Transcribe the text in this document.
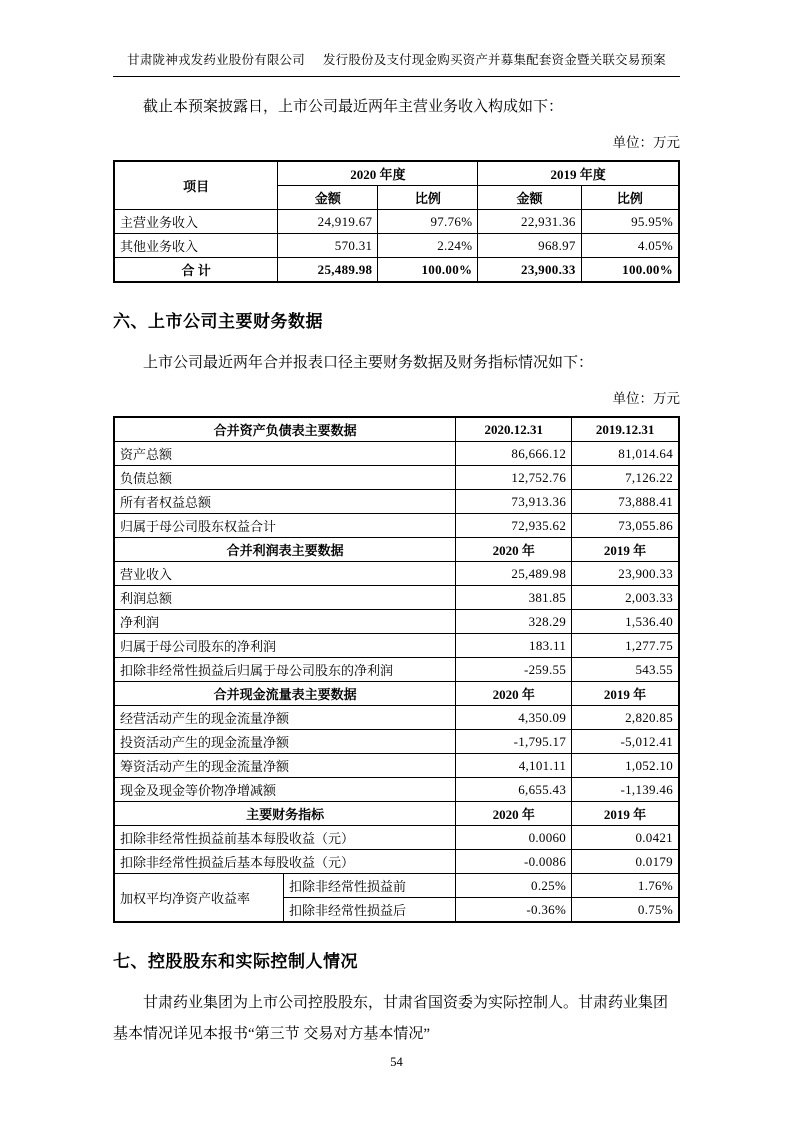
甘肃陇神戎发药业股份有限公司 发行股份及支付现金购买资产并募集配套资金暨关联交易预案

截止本预案披露日，上市公司最近两年主营业务收入构成如下：

单位：万元
项目	2020 年度		2019 年度	
	金额	比例	金额	比例
主营业务收入	24,919.67	97.76%	22,931.36	95.95%
其他业务收入	570.31	2.24%	968.97	4.05%
合 计	25,489.98	100.00%	23,900.33	100.00%
六、上市公司主要财务数据

上市公司最近两年合并报表口径主要财务数据及财务指标情况如下：

单位：万元
合并资产负债表主要数据		2020.12.31	2019.12.31
资产总额		86,666.12	81,014.64
负债总额		12,752.76	7,126.22
所有者权益总额		73,913.36	73,888.41
归属于母公司股东权益合计		72,935.62	73,055.86
合并利润表主要数据		2020 年	2019 年
营业收入		25,489.98	23,900.33
利润总额		381.85	2,003.33
净利润		328.29	1,536.40
归属于母公司股东的净利润		183.11	1,277.75
扣除非经常性损益后归属于母公司股东的净利润		-259.55	543.55
合并现金流量表主要数据		2020 年	2019 年
经营活动产生的现金流量净额		4,350.09	2,820.85
投资活动产生的现金流量净额		-1,795.17	-5,012.41
筹资活动产生的现金流量净额		4,101.11	1,052.10
现金及现金等价物净增减额		6,655.43	-1,139.46
主要财务指标		2020 年	2019 年
扣除非经常性损益前基本每股收益（元）		0.0060	0.0421
扣除非经常性损益后基本每股收益（元）		-0.0086	0.0179
加权平均净资产收益率	扣除非经常性损益前	0.25%	1.76%
	扣除非经常性损益后	-0.36%	0.75%
七、控股股东和实际控制人情况

甘肃药业集团为上市公司控股股东，甘肃省国资委为实际控制人。甘肃药业集团基本情况详见本报书“第三节 交易对方基本情况”

54
